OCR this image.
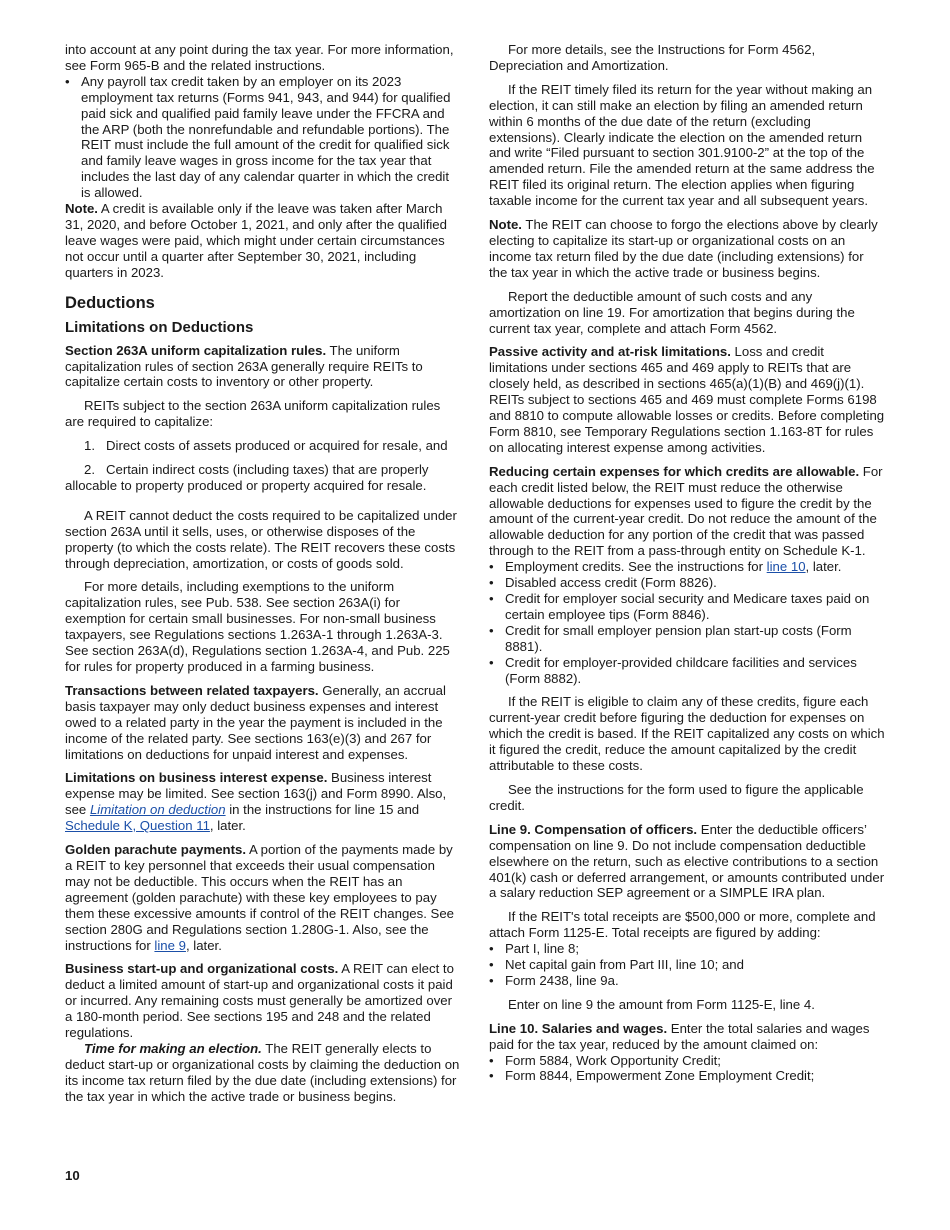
into account at any point during the tax year. For more information, see Form 965-B and the related instructions.

• Any payroll tax credit taken by an employer on its 2023 employment tax returns (Forms 941, 943, and 944) for qualified paid sick and qualified paid family leave under the FFCRA and the ARP (both the nonrefundable and refundable portions). The REIT must include the full amount of the credit for qualified sick and family leave wages in gross income for the tax year that includes the last day of any calendar quarter in which the credit is allowed.

Note. A credit is available only if the leave was taken after March 31, 2020, and before October 1, 2021, and only after the qualified leave wages were paid, which might under certain circumstances not occur until a quarter after September 30, 2021, including quarters in 2023.

Deductions
Limitations on Deductions

Section 263A uniform capitalization rules. The uniform capitalization rules of section 263A generally require REITs to capitalize certain costs to inventory or other property.

REITs subject to the section 263A uniform capitalization rules are required to capitalize:

1.   Direct costs of assets produced or acquired for resale, and

2.   Certain indirect costs (including taxes) that are properly allocable to property produced or property acquired for resale.

A REIT cannot deduct the costs required to be capitalized under section 263A until it sells, uses, or otherwise disposes of the property (to which the costs relate). The REIT recovers these costs through depreciation, amortization, or costs of goods sold.

For more details, including exemptions to the uniform capitalization rules, see Pub. 538. See section 263A(i) for exemption for certain small businesses. For non-small business taxpayers, see Regulations sections 1.263A-1 through 1.263A-3. See section 263A(d), Regulations section 1.263A-4, and Pub. 225 for rules for property produced in a farming business.

Transactions between related taxpayers. Generally, an accrual basis taxpayer may only deduct business expenses and interest owed to a related party in the year the payment is included in the income of the related party. See sections 163(e)(3) and 267 for limitations on deductions for unpaid interest and expenses.

Limitations on business interest expense. Business interest expense may be limited. See section 163(j) and Form 8990. Also, see Limitation on deduction in the instructions for line 15 and Schedule K, Question 11, later.

Golden parachute payments. A portion of the payments made by a REIT to key personnel that exceeds their usual compensation may not be deductible. This occurs when the REIT has an agreement (golden parachute) with these key employees to pay them these excessive amounts if control of the REIT changes. See section 280G and Regulations section 1.280G-1. Also, see the instructions for line 9, later.

Business start-up and organizational costs. A REIT can elect to deduct a limited amount of start-up and organizational costs it paid or incurred. Any remaining costs must generally be amortized over a 180-month period. See sections 195 and 248 and the related regulations.

Time for making an election. The REIT generally elects to deduct start-up or organizational costs by claiming the deduction on its income tax return filed by the due date (including extensions) for the tax year in which the active trade or business begins.

For more details, see the Instructions for Form 4562, Depreciation and Amortization.

If the REIT timely filed its return for the year without making an election, it can still make an election by filing an amended return within 6 months of the due date of the return (excluding extensions). Clearly indicate the election on the amended return and write “Filed pursuant to section 301.9100-2” at the top of the amended return. File the amended return at the same address the REIT filed its original return. The election applies when figuring taxable income for the current tax year and all subsequent years.

Note. The REIT can choose to forgo the elections above by clearly electing to capitalize its start-up or organizational costs on an income tax return filed by the due date (including extensions) for the tax year in which the active trade or business begins.

Report the deductible amount of such costs and any amortization on line 19. For amortization that begins during the current tax year, complete and attach Form 4562.

Passive activity and at-risk limitations. Loss and credit limitations under sections 465 and 469 apply to REITs that are closely held, as described in sections 465(a)(1)(B) and 469(j)(1). REITs subject to sections 465 and 469 must complete Forms 6198 and 8810 to compute allowable losses or credits. Before completing Form 8810, see Temporary Regulations section 1.163-8T for rules on allocating interest expense among activities.

Reducing certain expenses for which credits are allowable. For each credit listed below, the REIT must reduce the otherwise allowable deductions for expenses used to figure the credit by the amount of the current-year credit. Do not reduce the amount of the allowable deduction for any portion of the credit that was passed through to the REIT from a pass-through entity on Schedule K-1.

• Employment credits. See the instructions for line 10, later.

• Disabled access credit (Form 8826).

• Credit for employer social security and Medicare taxes paid on certain employee tips (Form 8846).

• Credit for small employer pension plan start-up costs (Form 8881).

• Credit for employer-provided childcare facilities and services (Form 8882).

If the REIT is eligible to claim any of these credits, figure each current-year credit before figuring the deduction for expenses on which the credit is based. If the REIT capitalized any costs on which it figured the credit, reduce the amount capitalized by the credit attributable to these costs.

See the instructions for the form used to figure the applicable credit.

Line 9. Compensation of officers. Enter the deductible officers’ compensation on line 9. Do not include compensation deductible elsewhere on the return, such as elective contributions to a section 401(k) cash or deferred arrangement, or amounts contributed under a salary reduction SEP agreement or a SIMPLE IRA plan.

If the REIT's total receipts are $500,000 or more, complete and attach Form 1125-E. Total receipts are figured by adding:

• Part I, line 8;

• Net capital gain from Part III, line 10; and

• Form 2438, line 9a.

Enter on line 9 the amount from Form 1125-E, line 4.

Line 10. Salaries and wages. Enter the total salaries and wages paid for the tax year, reduced by the amount claimed on:

• Form 5884, Work Opportunity Credit;

• Form 8844, Empowerment Zone Employment Credit;

10
